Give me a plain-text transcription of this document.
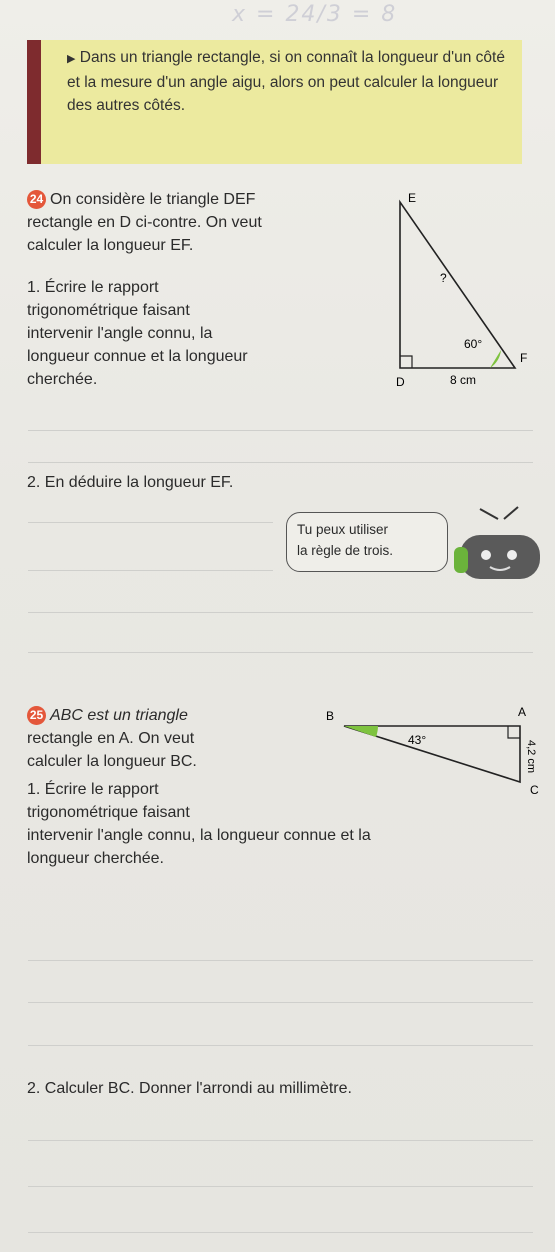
x = 24/3 = 8
▶ Dans un triangle rectangle, si on connaît la longueur d'un côté et la mesure d'un angle aigu, alors on peut calculer la longueur des autres côtés.
24 On considère le triangle DEF
rectangle en D ci-contre. On veut
calculer la longueur EF.
1. Écrire le rapport
trigonométrique faisant
intervenir l'angle connu, la
longueur connue et la longueur
cherchée.
E
D
F
60°
8 cm
?
2. En déduire la longueur EF.
Tu peux utiliser
la règle de trois.
25 ABC est un triangle
rectangle en A. On veut
calculer la longueur BC.
1. Écrire le rapport
trigonométrique faisant
intervenir l'angle connu, la longueur connue et la
longueur cherchée.
B	A
C
43°	4,2 cm
2. Calculer BC. Donner l'arrondi au millimètre.
